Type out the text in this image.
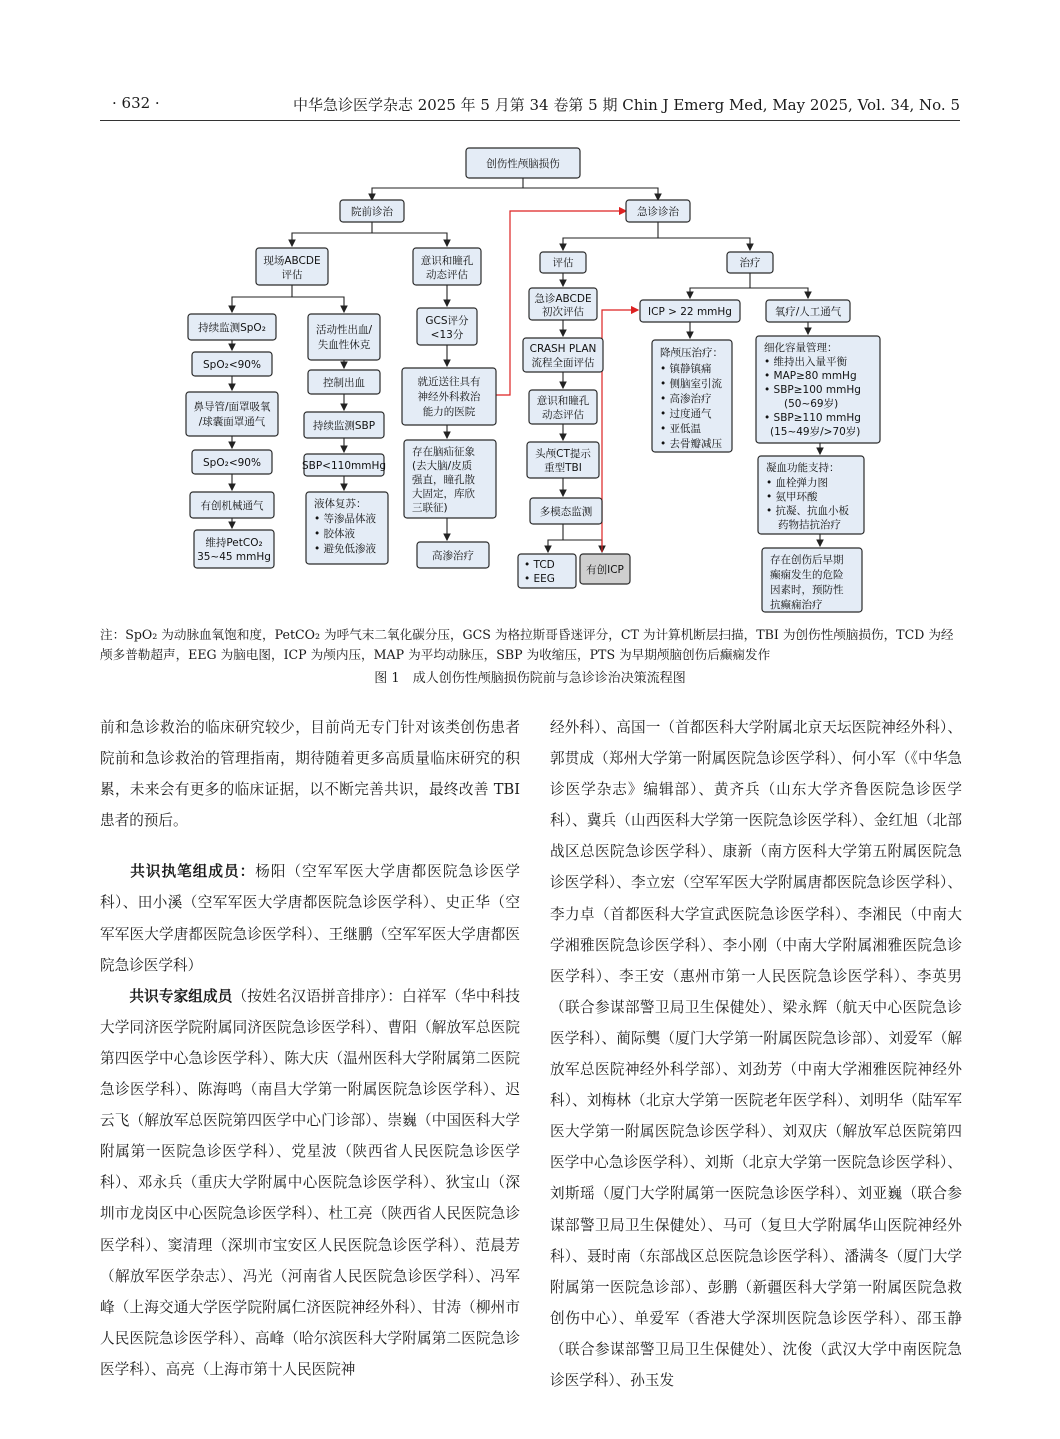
· 632 ·	中华急诊医学杂志 2025 年 5 月第 34 卷第 5 期 Chin J Emerg Med, May 2025, Vol. 34, No. 5
创伤性颅脑损伤
院前诊治	急诊诊治
现场ABCDE
评估
意识和瞳孔
动态评估
持续监测SpO₂
SpO₂<90%
鼻导管/面罩吸氧
/球囊面罩通气
SpO₂<90%
有创机械通气
维持PetCO₂
35~45 mmHg
活动性出血/
失血性休克
控制出血
持续监测SBP
SBP<110mmHg
液体复苏：
• 等渗晶体液
• 胶体液
• 避免低渗液
GCS评分
<13分
就近送往具有
神经外科救治
能力的医院
存在脑疝征象
(去大脑/皮质
强直，瞳孔散
大固定，库欣
三联征)
高渗治疗
评估	治疗
急诊ABCDE
初次评估
CRASH PLAN
流程全面评估
意识和瞳孔
动态评估
头颅CT提示
重型TBI
多模态监测
• TCD
• EEG
有创ICP
ICP > 22 mmHg
降颅压治疗：
• 镇静镇痛
• 侧脑室引流
• 高渗治疗
• 过度通气
• 亚低温
• 去骨瓣减压
氧疗/人工通气
细化容量管理：
• 维持出入量平衡
• MAP≥80 mmHg
• SBP≥100 mmHg
(50~69岁)
• SBP≥110 mmHg
(15~49岁/>70岁)
凝血功能支持：
• 血栓弹力图
• 氨甲环酸
• 抗凝、抗血小板
药物拮抗治疗
存在创伤后早期
癫痫发生的危险
因素时，预防性
抗癫痫治疗
注：SpO₂ 为动脉血氧饱和度，PetCO₂ 为呼气末二氧化碳分压，GCS 为格拉斯哥昏迷评分，CT 为计算机断层扫描，TBI 为创伤性颅脑损伤，TCD 为经颅多普勒超声，EEG 为脑电图，ICP 为颅内压，MAP 为平均动脉压，SBP 为收缩压，PTS 为早期颅脑创伤后癫痫发作
图 1　成人创伤性颅脑损伤院前与急诊诊治决策流程图

前和急诊救治的临床研究较少，目前尚无专门针对该类创伤患者院前和急诊救治的管理指南，期待随着更多高质量临床研究的积累，未来会有更多的临床证据，以不断完善共识，最终改善 TBI 患者的预后。

  共识执笔组成员：杨阳（空军军医大学唐都医院急诊医学科）、田小溪（空军军医大学唐都医院急诊医学科）、史正华（空军军医大学唐都医院急诊医学科）、王继鹏（空军军医大学唐都医院急诊医学科）

  共识专家组成员（按姓名汉语拼音排序）：白祥军（华中科技大学同济医学院附属同济医院急诊医学科）、曹阳（解放军总医院第四医学中心急诊医学科）、陈大庆（温州医科大学附属第二医院急诊医学科）、陈海鸣（南昌大学第一附属医院急诊医学科）、迟云飞（解放军总医院第四医学中心门诊部）、崇巍（中国医科大学附属第一医院急诊医学科）、党星波（陕西省人民医院急诊医学科）、邓永兵（重庆大学附属中心医院急诊医学科）、狄宝山（深圳市龙岗区中心医院急诊医学科）、杜工亮（陕西省人民医院急诊医学科）、窦清理（深圳市宝安区人民医院急诊医学科）、范晨芳（解放军医学杂志）、冯光（河南省人民医院急诊医学科）、冯军峰（上海交通大学医学院附属仁济医院神经外科）、甘涛（柳州市人民医院急诊医学科）、高峰（哈尔滨医科大学附属第二医院急诊医学科）、高亮（上海市第十人民医院神

经外科）、高国一（首都医科大学附属北京天坛医院神经外科）、郭贯成（郑州大学第一附属医院急诊医学科）、何小军（《中华急诊医学杂志》编辑部）、黄齐兵（山东大学齐鲁医院急诊医学科）、冀兵（山西医科大学第一医院急诊医学科）、金红旭（北部战区总医院急诊医学科）、康新（南方医科大学第五附属医院急诊医学科）、李立宏（空军军医大学附属唐都医院急诊医学科）、李力卓（首都医科大学宣武医院急诊医学科）、李湘民（中南大学湘雅医院急诊医学科）、李小刚（中南大学附属湘雅医院急诊医学科）、李王安（惠州市第一人民医院急诊医学科）、李英男（联合参谋部警卫局卫生保健处）、梁永辉（航天中心医院急诊医学科）、蔺际龑（厦门大学第一附属医院急诊部）、刘爱军（解放军总医院神经外科学部）、刘劲芳（中南大学湘雅医院神经外科）、刘梅林（北京大学第一医院老年医学科）、刘明华（陆军军医大学第一附属医院急诊医学科）、刘双庆（解放军总医院第四医学中心急诊医学科）、刘斯（北京大学第一医院急诊医学科）、刘斯瑶（厦门大学附属第一医院急诊医学科）、刘亚巍（联合参谋部警卫局卫生保健处）、马可（复旦大学附属华山医院神经外科）、聂时南（东部战区总医院急诊医学科）、潘满冬（厦门大学附属第一医院急诊部）、彭鹏（新疆医科大学第一附属医院急救创伤中心）、单爱军（香港大学深圳医院急诊医学科）、邵玉静（联合参谋部警卫局卫生保健处）、沈俊（武汉大学中南医院急诊医学科）、孙玉发
